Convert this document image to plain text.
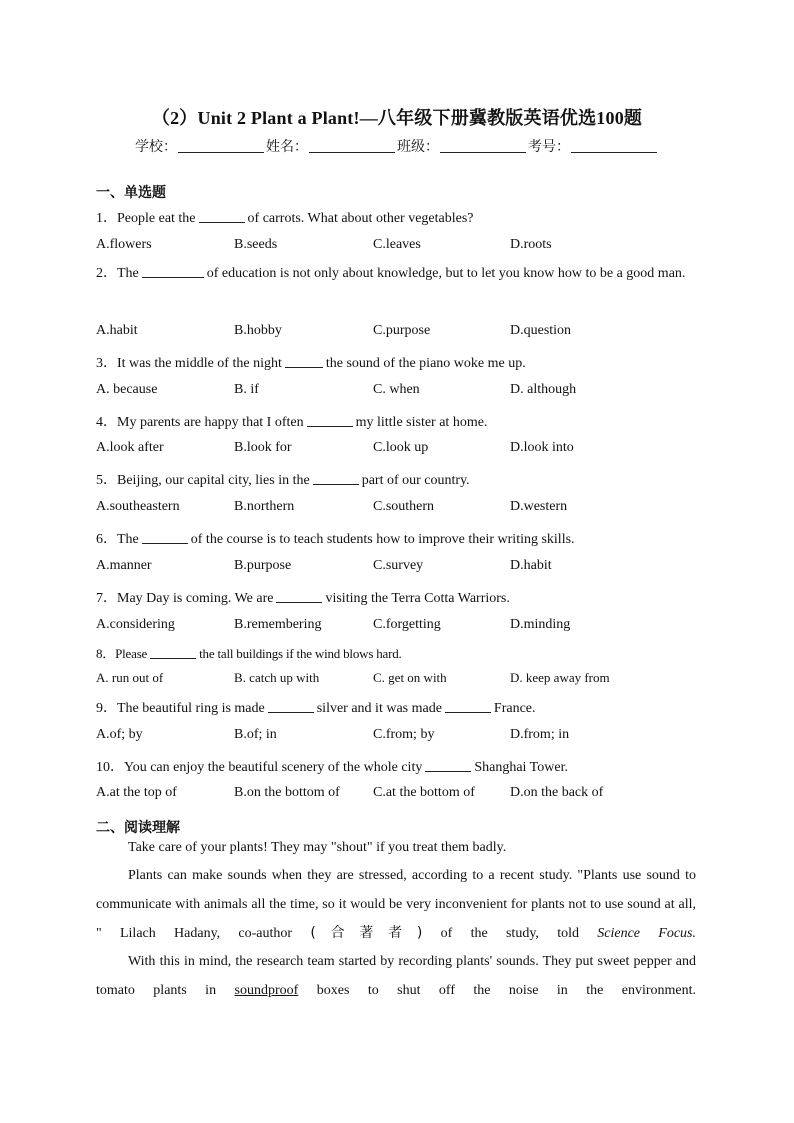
（2）Unit 2 Plant a Plant!—八年级下册冀教版英语优选100题
学校：	姓名：	班级：	考号：
一、单选题
1．People eat the	of carrots. What about other vegetables?
A.flowers	B.seeds	C.leaves	D.roots
2．The	of education is not only about knowledge, but to let you know how to be a good man.
A.habit	B.hobby	C.purpose	D.question
3．It was the middle of the night	the sound of the piano woke me up.
A. because	B. if	C. when	D. although
4．My parents are happy that I often	my little sister at home.
A.look after	B.look for	C.look up	D.look into
5．Beijing, our capital city, lies in the	part of our country.
A.southeastern	B.northern	C.southern	D.western
6．The	of the course is to teach students how to improve their writing skills.
A.manner	B.purpose	C.survey	D.habit
7．May Day is coming. We are	visiting the Terra Cotta Warriors.
A.considering	B.remembering	C.forgetting	D.minding
8．Please	the tall buildings if the wind blows hard.
A. run out of	B. catch up with	C. get on with	D. keep away from
9．The beautiful ring is made	silver and it was made	France.
A.of; by	B.of; in	C.from; by	D.from; in
10．You can enjoy the beautiful scenery of the whole city	Shanghai Tower.
A.at the top of	B.on the bottom of C.at the bottom of	D.on the back of
二、阅读理解
Take care of your plants! They may "shout" if you treat them badly.
Plants can make sounds when they are stressed, according to a recent study. "Plants use sound to communicate with animals all the time, so it would be very inconvenient for plants not to use sound at all, " Lilach Hadany, co-author (合著者) of the study, told Science Focus.
With this in mind, the research team started by recording plants' sounds. They put sweet pepper and tomato plants in soundproof boxes to shut off the noise in the environment.
